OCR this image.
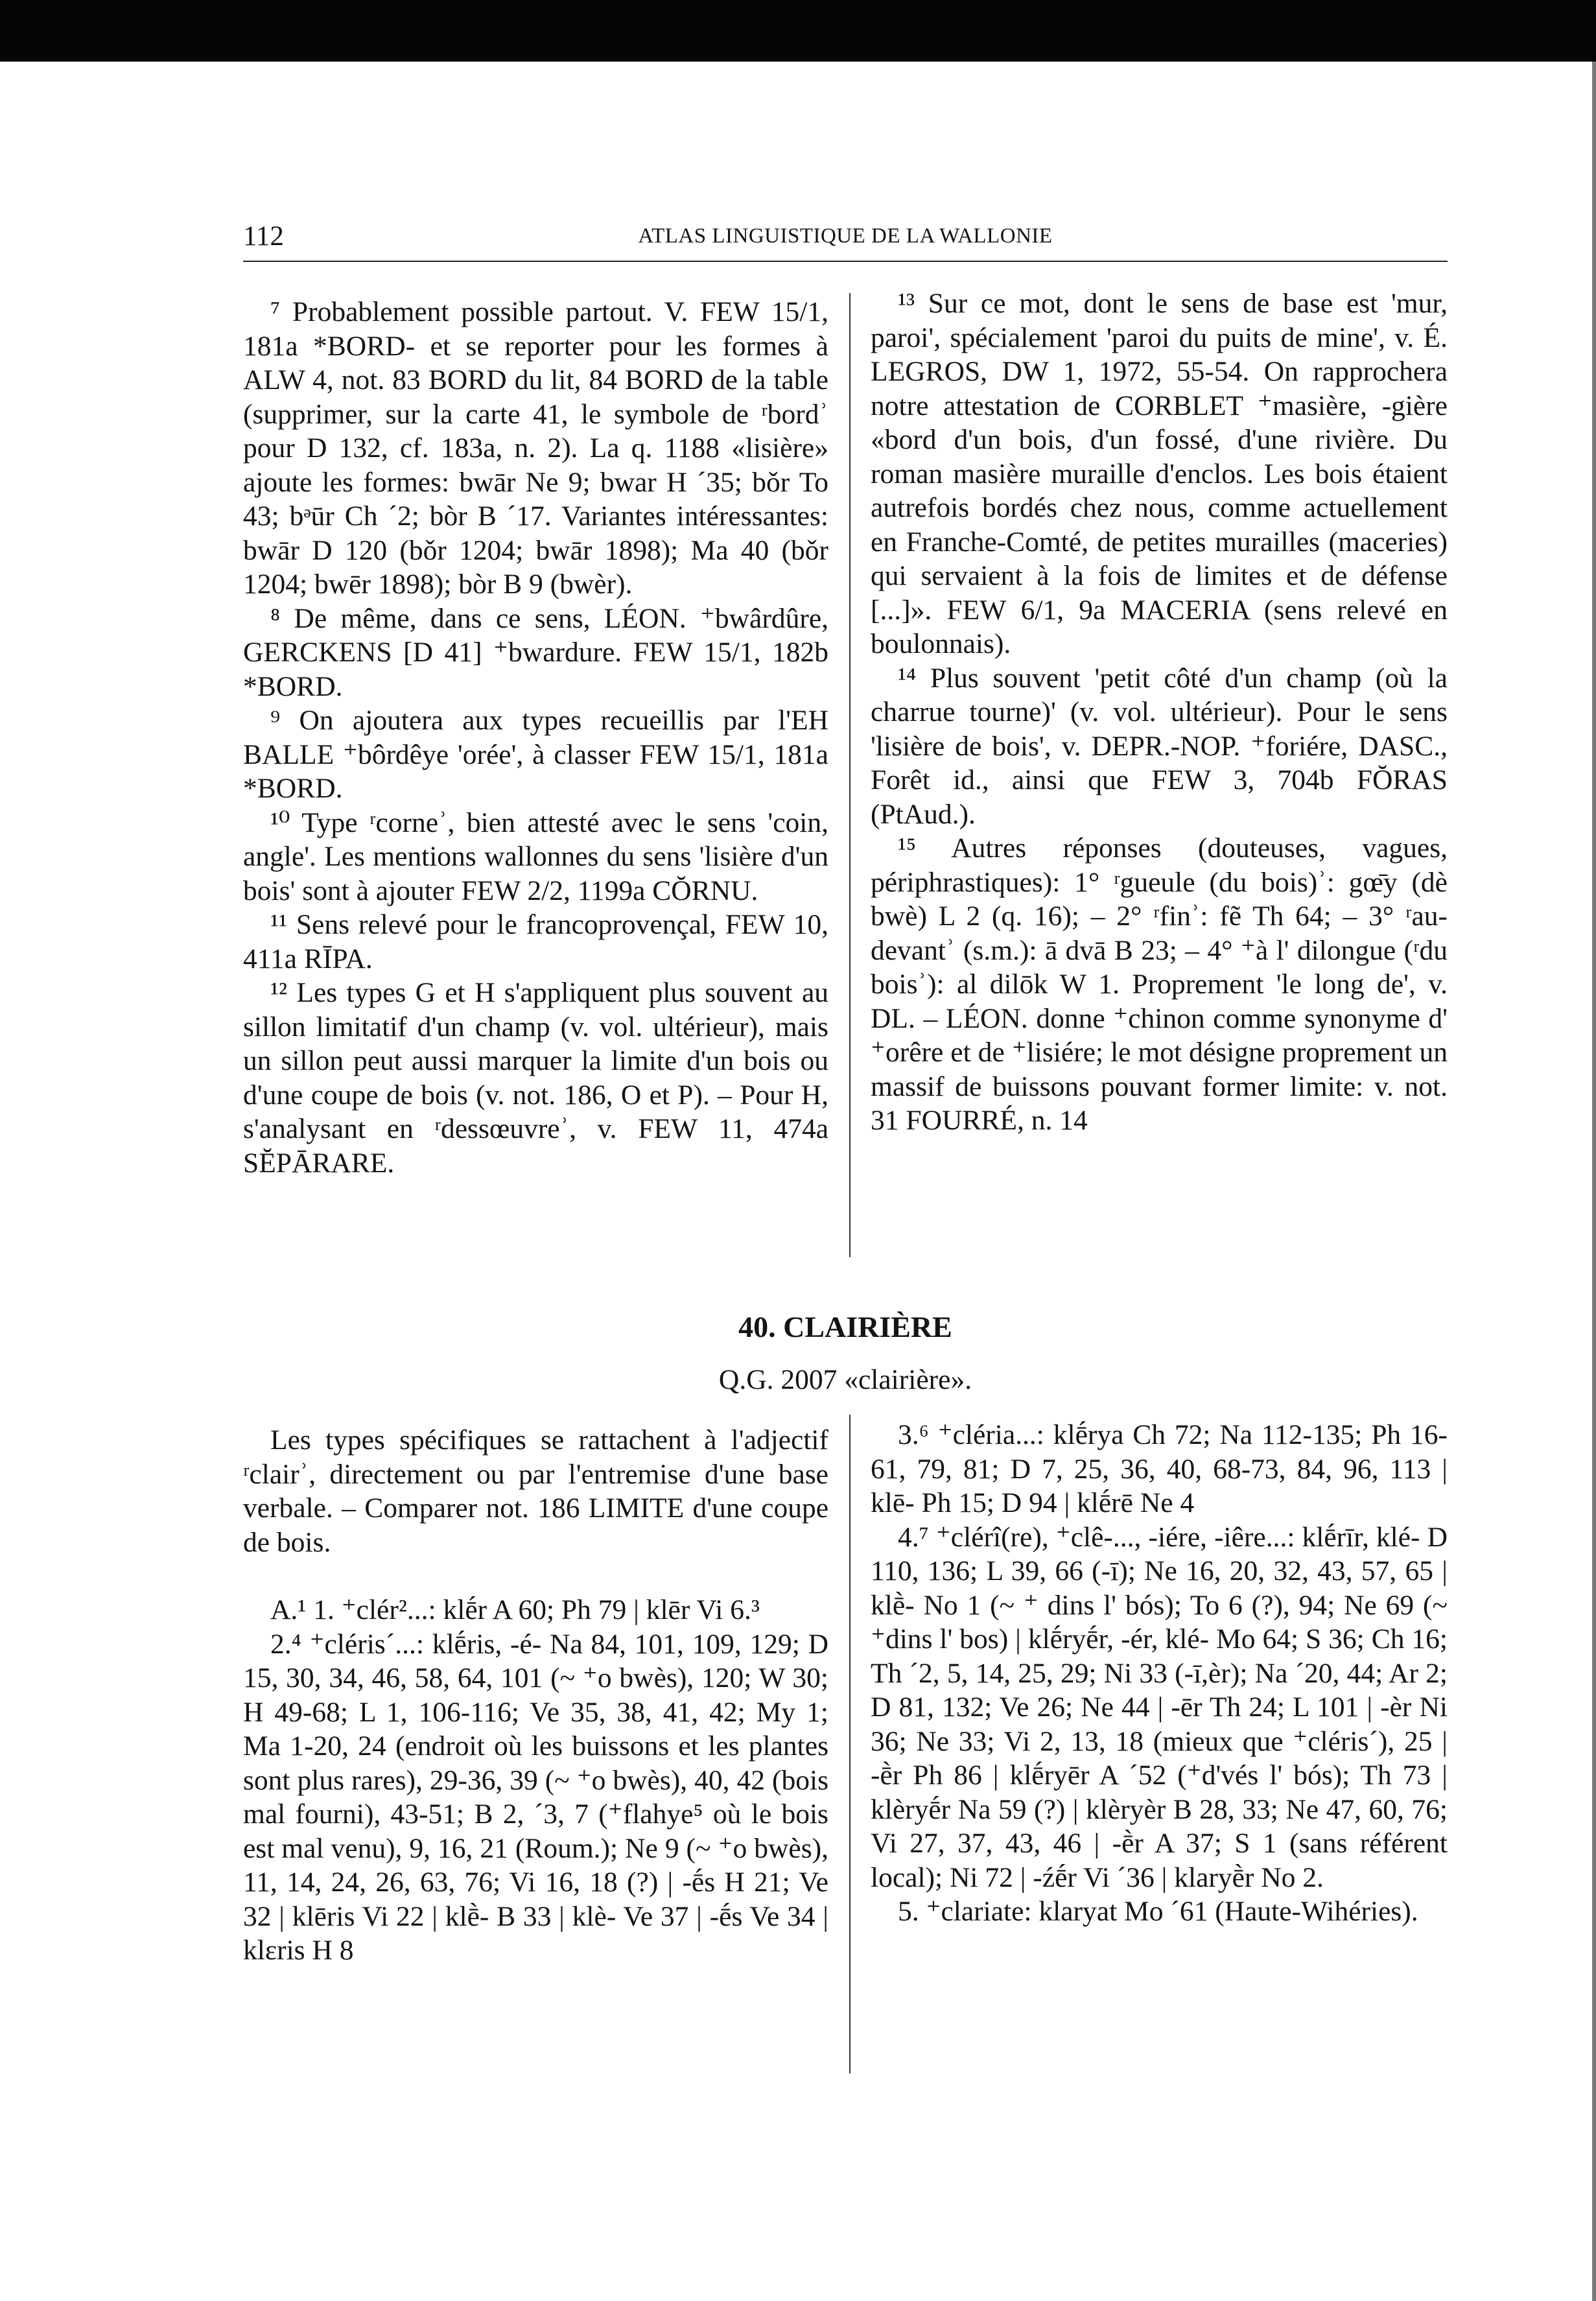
112	ATLAS LINGUISTIQUE DE LA WALLONIE

⁷ Probablement possible partout. V. FEW 15/1, 181a *BORD- et se reporter pour les formes à ALW 4, not. 83 BORD du lit, 84 BORD de la table (supprimer, sur la carte 41, le symbole de ʳbordʾ pour D 132, cf. 183a, n. 2). La q. 1188 «lisière» ajoute les formes: bwār Ne 9; bwar H ´35; bǒr To 43; bᵊūr Ch ´2; bòr B ´17. Variantes intéressantes: bwār D 120 (bǒr 1204; bwār 1898); Ma 40 (bǒr 1204; bwēr 1898); bòr B 9 (bwèr).

⁸ De même, dans ce sens, LÉON. ⁺bwârdûre, GERCKENS [D 41] ⁺bwardure. FEW 15/1, 182b *BORD.

⁹ On ajoutera aux types recueillis par l'EH BALLE ⁺bôrdêye 'orée', à classer FEW 15/1, 181a *BORD.

¹⁰ Type ʳcorneʾ, bien attesté avec le sens 'coin, angle'. Les mentions wallonnes du sens 'lisière d'un bois' sont à ajouter FEW 2/2, 1199a CŎRNU.

¹¹ Sens relevé pour le francoprovençal, FEW 10, 411a RĪPA.

¹² Les types G et H s'appliquent plus souvent au sillon limitatif d'un champ (v. vol. ultérieur), mais un sillon peut aussi marquer la limite d'un bois ou d'une coupe de bois (v. not. 186, O et P). – Pour H, s'analysant en ʳdessœuvreʾ, v. FEW 11, 474a SĔPĀRARE.

¹³ Sur ce mot, dont le sens de base est 'mur, paroi', spécialement 'paroi du puits de mine', v. É. LEGROS, DW 1, 1972, 55-54. On rapprochera notre attestation de CORBLET ⁺masière, -gière «bord d'un bois, d'un fossé, d'une rivière. Du roman masière muraille d'enclos. Les bois étaient autrefois bordés chez nous, comme actuellement en Franche-Comté, de petites murailles (maceries) qui servaient à la fois de limites et de défense [...]». FEW 6/1, 9a MACERIA (sens relevé en boulonnais).

¹⁴ Plus souvent 'petit côté d'un champ (où la charrue tourne)' (v. vol. ultérieur). Pour le sens 'lisière de bois', v. DEPR.-NOP. ⁺foriére, DASC., Forêt id., ainsi que FEW 3, 704b FŎRAS (PtAud.).

¹⁵ Autres réponses (douteuses, vagues, périphrastiques): 1° ʳgueule (du bois)ʾ: gœ̄y (dè bwè) L 2 (q. 16); – 2° ʳfinʾ: fẽ Th 64; – 3° ʳau-devantʾ (s.m.): ā dvā B 23; – 4° ⁺à l' dilongue (ʳdu boisʾ): al dilōk W 1. Proprement 'le long de', v. DL. – LÉON. donne ⁺chinon comme synonyme d' ⁺orêre et de ⁺lisiére; le mot désigne proprement un massif de buissons pouvant former limite: v. not. 31 FOURRÉ, n. 14

40. CLAIRIÈRE
Q.G. 2007 «clairière».

Les types spécifiques se rattachent à l'adjectif ʳclairʾ, directement ou par l'entremise d'une base verbale. – Comparer not. 186 LIMITE d'une coupe de bois.

A.¹ 1. ⁺clér²...: klḗr A 60; Ph 79 | klēr Vi 6.³

2.⁴ ⁺cléris´...: klḗris, -é- Na 84, 101, 109, 129; D 15, 30, 34, 46, 58, 64, 101 (~ ⁺o bwès), 120; W 30; H 49-68; L 1, 106-116; Ve 35, 38, 41, 42; My 1; Ma 1-20, 24 (endroit où les buissons et les plantes sont plus rares), 29-36, 39 (~ ⁺o bwès), 40, 42 (bois mal fourni), 43-51; B 2, ´3, 7 (⁺flahye⁵ où le bois est mal venu), 9, 16, 21 (Roum.); Ne 9 (~ ⁺o bwès), 11, 14, 24, 26, 63, 76; Vi 16, 18 (?) | -ḗs H 21; Ve 32 | klēris Vi 22 | klḕ- B 33 | klè- Ve 37 | -ḗs Ve 34 | klɛris H 8

3.⁶ ⁺cléria...: klḗrya Ch 72; Na 112-135; Ph 16-61, 79, 81; D 7, 25, 36, 40, 68-73, 84, 96, 113 | klē- Ph 15; D 94 | klḗrē Ne 4

4.⁷ ⁺clérî(re), ⁺clê-..., -iére, -iêre...: klḗrīr, klé- D 110, 136; L 39, 66 (-ī); Ne 16, 20, 32, 43, 57, 65 | klḕ- No 1 (~ ⁺ dins l' bós); To 6 (?), 94; Ne 69 (~ ⁺dins l' bos) | klḗryḗr, -ér, klé- Mo 64; S 36; Ch 16; Th ´2, 5, 14, 25, 29; Ni 33 (-ī,èr); Na ´20, 44; Ar 2; D 81, 132; Ve 26; Ne 44 | -ēr Th 24; L 101 | -èr Ni 36; Ne 33; Vi 2, 13, 18 (mieux que ⁺cléris´), 25 | -ḕr Ph 86 | klḗryēr A ´52 (⁺d'vés l' bós); Th 73 | klèryḗr Na 59 (?) | klèryèr B 28, 33; Ne 47, 60, 76; Vi 27, 37, 43, 46 | -ḕr A 37; S 1 (sans référent local); Ni 72 | -źḗr Vi ´36 | klaryḕr No 2.

5. ⁺clariate: klaryat Mo ´61 (Haute-Wihéries).
